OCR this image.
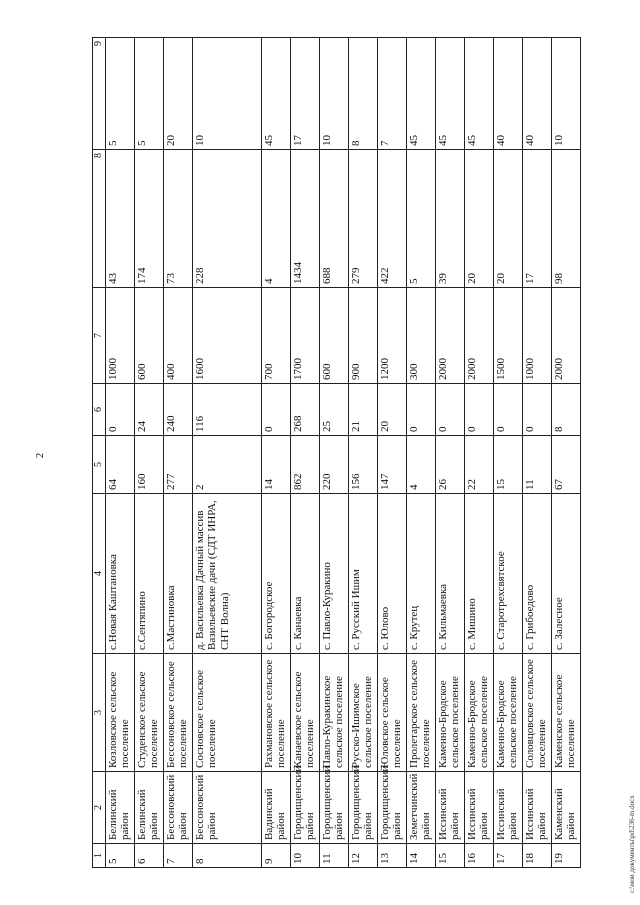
2
1	2	3	4	5	6	7	8	9
5	Белинский район	Козловское сельское поселение	с.Новая Каштановка	64	0	1000	43	5
6	Белинский район	Студенское сельское поселение	с.Сентяпино	160	24	600	174	5
7	Бессоновский район	Бессоновское сельское поселение	с.Мастиновка	277	240	400	73	20
8	Бессоновский район	Сосновское сельское поселение	д. Васильевка Дачный массив Вазильевские дачи (СДТ ИНРА, СНТ Волна)	2	116	1600	228	10
9	Вадинский район	Рахмановское сельское поселение	с. Богородское	14	0	700	4	45
10	Городищенский район	Канаевское сельское поселение	с. Канаевка	862	268	1700	1434	17
11	Городищенский район	Павло-Куракинское сельское поселение	с. Павло-Куракино	220	25	600	688	10
12	Городищенский район	Русско-Ишимское сельское поселение	с. Русский Ишим	156	21	900	279	8
13	Городищенский район	Юловское сельское поселение	с. Юлово	147	20	1200	422	7
14	Земетчинский район	Пролетарское сельское поселение	с. Крутец	4	0	300	5	45
15	Иссинский район	Каменно-Бродское сельское поселение	с. Кильмаевка	26	0	2000	39	45
16	Иссинский район	Каменно-Бродское сельское поселение	с. Мишино	22	0	2000	20	45
17	Иссинский район	Каменно-Бродское сельское поселение	с. Старотрехсвятское	15	0	1500	20	40
18	Иссинский район	Соловцовское сельское поселение	с. Грибоедово	11	0	1000	17	40
19	Каменский район	Каменское сельское поселение	с. Залесное	67	8	2000	98	10
c:\мои документы\pd\236-m.docx
